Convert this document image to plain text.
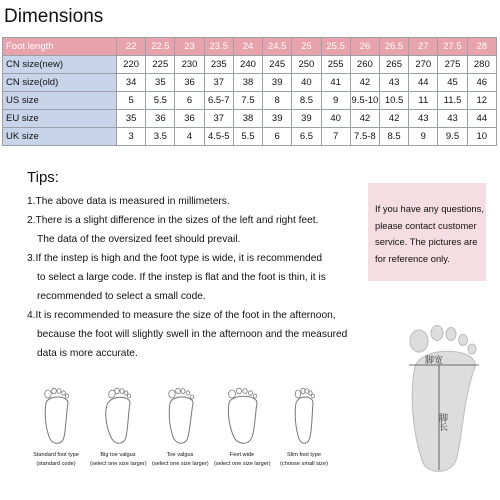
Dimensions
Foot length	22	22.5	23	23.5	24	24.5	25	25.5	26	26.5	27	27.5	28
CN size(new)	220	225	230	235	240	245	250	255	260	265	270	275	280
CN size(old)	34	35	36	37	38	39	40	41	42	43	44	45	46
US size	5	5.5	6	6.5-7	7.5	8	8.5	9	9.5-10	10.5	11	11.5	12
EU size	35	36	36	37	38	39	39	40	42	42	43	43	44
UK size	3	3.5	4	4.5-5	5.5	6	6.5	7	7.5-8	8.5	9	9.5	10
Tips:
1.The above data is measured in millimeters.
2.There is a slight difference in the sizes of the left and right feet.
The data of the oversized feet should prevail.
3.If the instep is high and the foot type is wide, it is recommended
to select a large code. If the instep is flat and the foot is thin, it is
recommended to select a small code.
4.It is recommended to measure the size of the foot in the afternoon,
because the foot will slightly swell in the afternoon and the measured
data is more accurate.
If you have any questions,
please contact customer
service. The pictures are
for reference only.
Standard foot type
(standard code)
Big toe valgus
(select one size larger)
Toe valgus
(select one size larger)
Feet wide
(select one size larger)
Slim foot type
(choose small size)
脚宽
脚长
